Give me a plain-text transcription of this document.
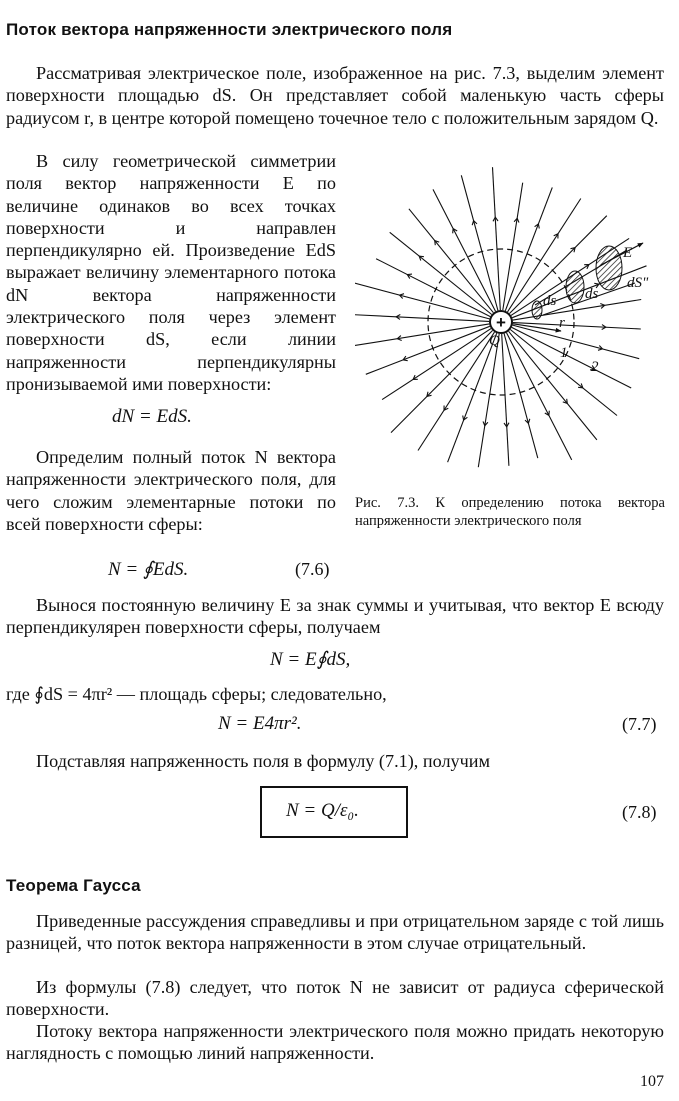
Поток вектора напряженности электрического поля

Рассматривая электрическое поле, изображенное на рис. 7.3, выделим элемент поверхности площадью dS. Он представляет собой маленькую часть сферы радиусом r, в центре которой помещено точечное тело с положительным зарядом Q.

В силу геометрической симметрии поля вектор напряженности E по величине одинаков во всех точках поверхности и направлен перпендикулярно ей. Произведение EdS выражает величину элементарного потока dN вектора напряженности электрического поля через элемент поверхности dS, если линии напряженности перпендикулярны пронизываемой ими поверхности:

dN = EdS.

Определим полный поток N вектора напряженности электрического поля, для чего сложим элементарные потоки по всей поверхности сферы:

N = ∮EdS.	(7.6)
+
Q
r
1
2
E
ds ds
dS"
Рис. 7.3. К определению потока вектора напряженности электрического поля

Вынося постоянную величину E за знак суммы и учитывая, что вектор E всюду перпендикулярен поверхности сферы, получаем

N = E∮dS,

где ∮dS = 4πr² — площадь сферы; следовательно,

N = E4πr².	(7.7)

Подставляя напряженность поля в формулу (7.1), получим

N = Q/ε₀.	(7.8)
Теорема Гаусса

Приведенные рассуждения справедливы и при отрицательном заряде с той лишь разницей, что поток вектора напряженности в этом случае отрицательный.

Из формулы (7.8) следует, что поток N не зависит от радиуса сферической поверхности.

Потоку вектора напряженности электрического поля можно придать некоторую наглядность с помощью линий напряженности.

107
